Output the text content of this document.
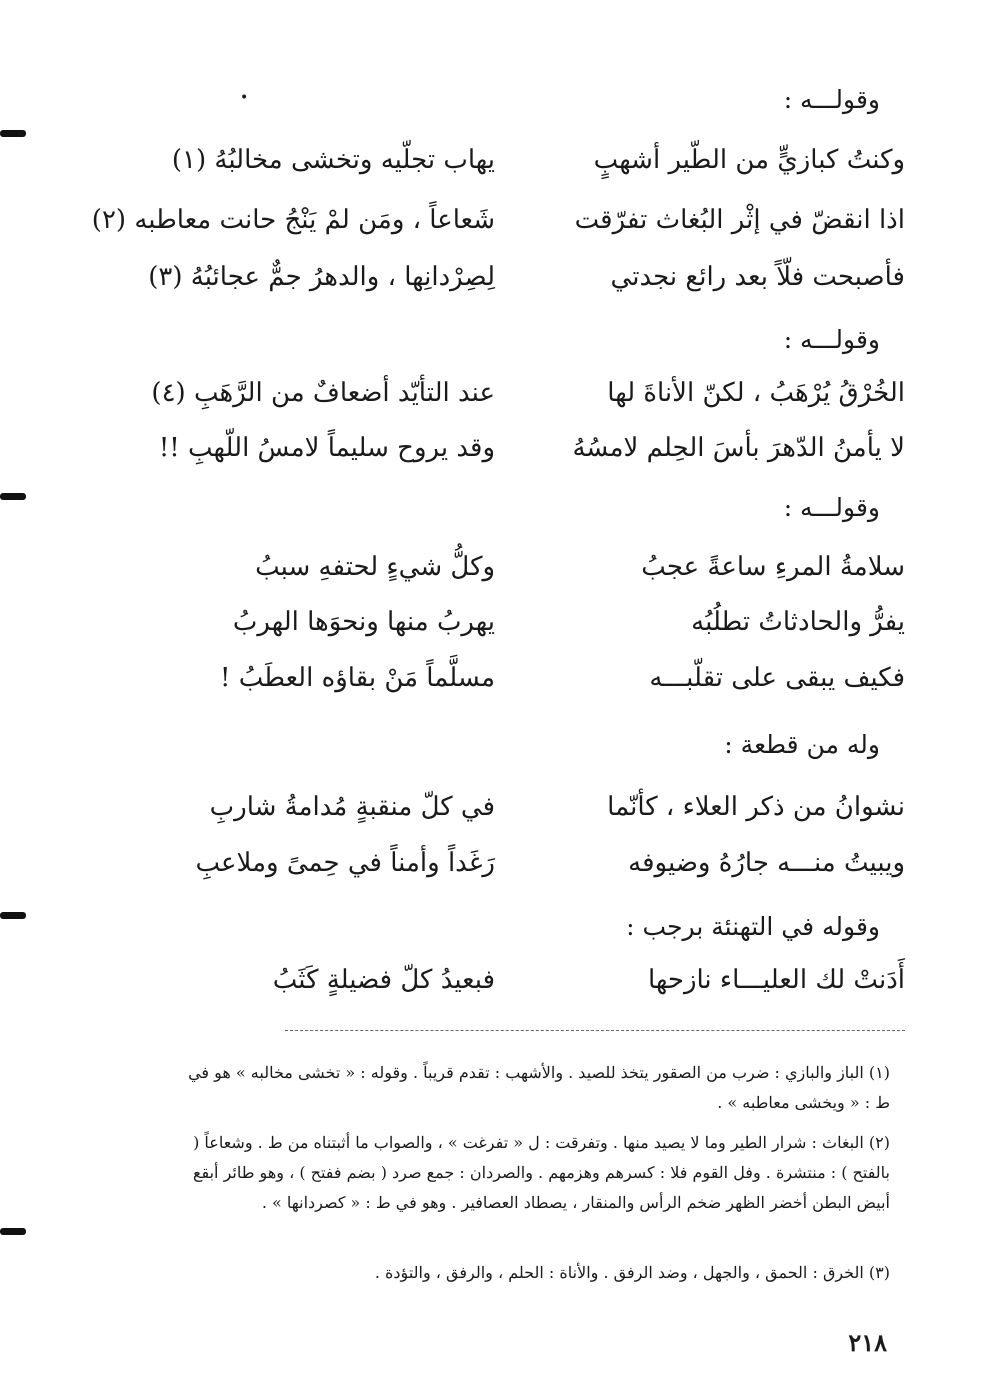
•	وقولـــه :
وكنتُ كبازيٍّ من الطّير أشهبٍ
يهاب تجلّيه وتخشى مخالبُهُ (١)
اذا انقضّ في إثْر البُغاث تفرّقت
شَعاعاً ، ومَن لمْ يَنْجُ حانت معاطبه (٢)
فأصبحت فلّاً بعد رائع نجدتي
لِصِرْدانِها ، والدهرُ جمٌّ عجائبُهُ (٣)
وقولـــه :
الخُرْقُ يُرْهَبُ ، لكنّ الأناةَ لها
عند التأيّد أضعافٌ من الرَّهَبِ (٤)
لا يأمنُ الدّهرَ بأسَ الحِلم لامسُهُ
وقد يروح سليماً لامسُ اللّهبِ !!
وقولـــه :
سلامةُ المرءِ ساعةً عجبُ
وكلُّ شيءٍ لحتفهِ سببُ
يفرُّ والحادثاتُ تطلُبُه
يهربُ منها ونحوَها الهربُ
فكيف يبقى على تقلّبـــه
مسلَّماً مَنْ بقاؤه العطَبُ !
وله من قطعة :
نشوانُ من ذكر العلاء ، كأنّما
في كلّ منقبةٍ مُدامةُ شاربِ
ويبيتُ منـــه جارُهُ وضيوفه
رَغَداً وأمناً في حِمىً وملاعبِ
وقوله في التهنئة برجب :
أَدَنتْ لك العليـــاء نازحها
فبعيدُ كلّ فضيلةٍ كَثَبُ
(١) الباز والبازي : ضرب من الصقور يتخذ للصيد . والأشهب : تقدم قريباً . وقوله : « تخشى مخالبه » هو في ط : « ويخشى معاطبه » .
(٢) البغاث : شرار الطير وما لا يصيد منها . وتفرقت : ل « تفرغت » ، والصواب ما أثبتناه من ط . وشعاعاً ( بالفتح ) : منتشرة . وفل القوم فلا : كسرهم وهزمهم . والصردان : جمع صرد ( بضم ففتح ) ، وهو طائر أبقع أبيض البطن أخضر الظهر ضخم الرأس والمنقار ، يصطاد العصافير . وهو في ط : « كصردانها » .
(٣) الخرق : الحمق ، والجهل ، وضد الرفق . والأناة : الحلم ، والرفق ، والتؤدة .
٢١٨
